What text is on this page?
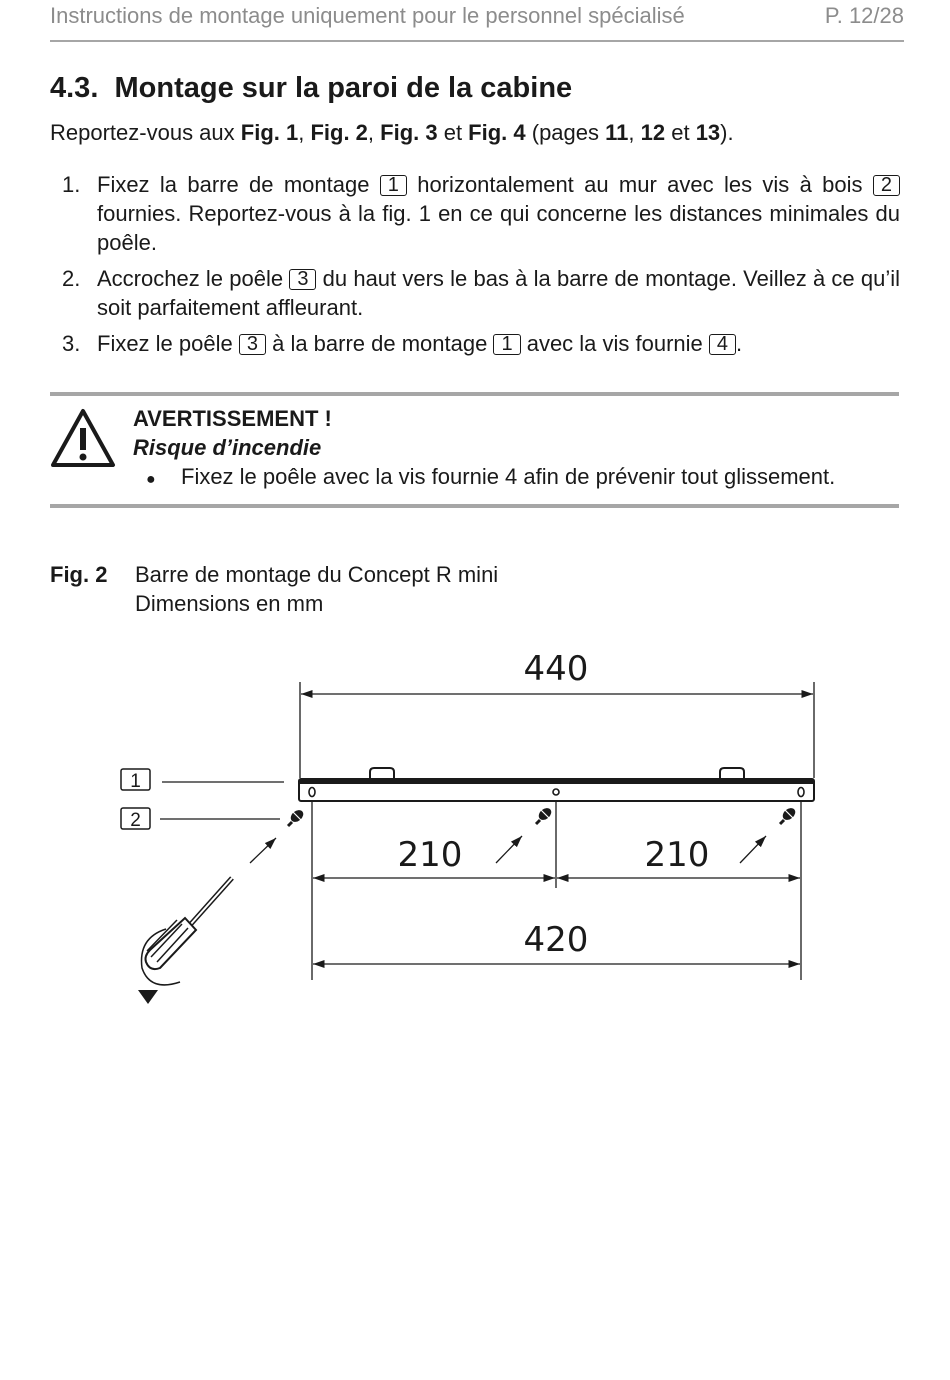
Instructions de montage uniquement pour le personnel spécialisé	P. 12/28
4.3. Montage sur la paroi de la cabine
Reportez-vous aux Fig. 1, Fig. 2, Fig. 3 et Fig. 4 (pages 11, 12 et 13).
1. Fixez la barre de montage 1 horizontalement au mur avec les vis à bois 2 fournies. Reportez-vous à la fig. 1 en ce qui concerne les distances minimales du poêle.
2. Accrochez le poêle 3 du haut vers le bas à la barre de montage. Veillez à ce qu’il soit parfaitement affleurant.
3. Fixez le poêle 3 à la barre de montage 1 avec la vis fournie 4 .
AVERTISSEMENT !
Risque d’incendie
● Fixez le poêle avec la vis fournie 4 afin de prévenir tout glissement.
Fig. 2 Barre de montage du Concept R mini
Dimensions en mm
440
210	210
420
1
2
